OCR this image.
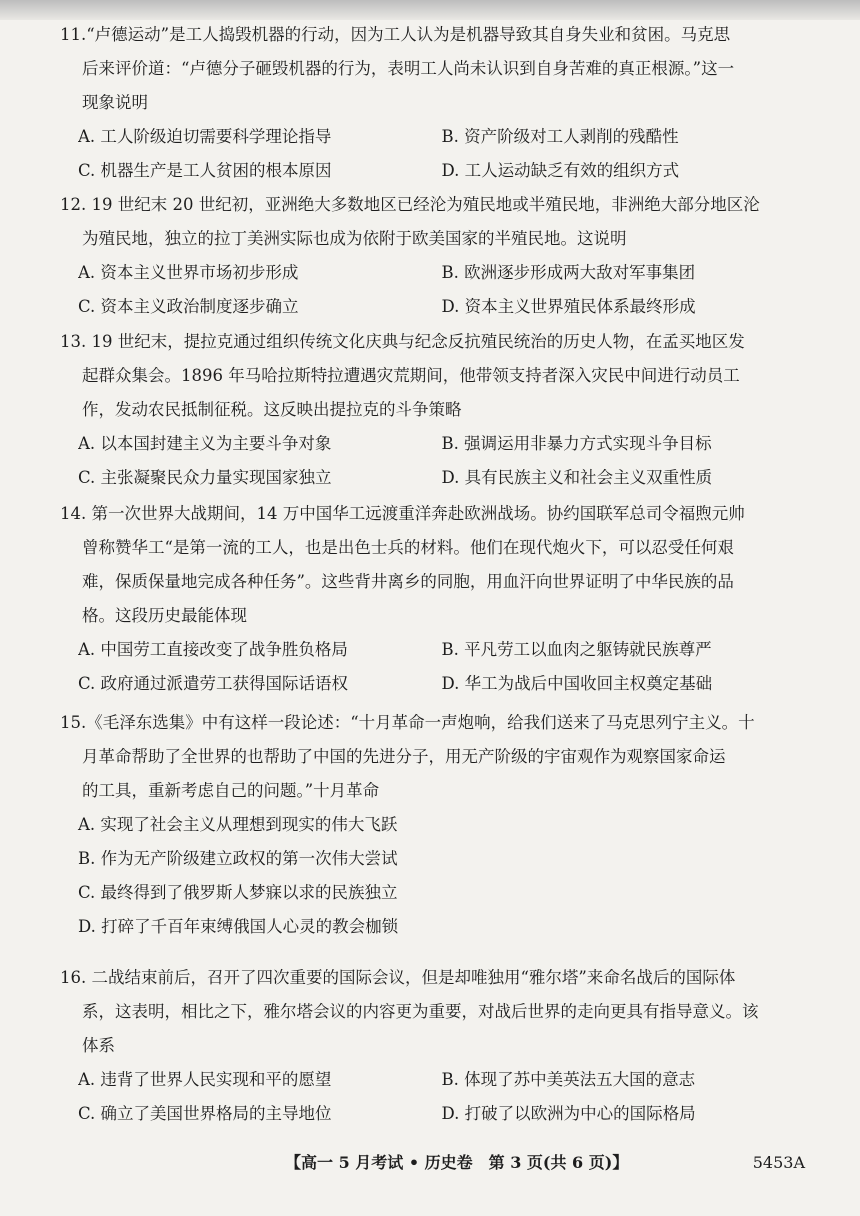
11.“卢德运动”是工人捣毁机器的行动，因为工人认为是机器导致其自身失业和贫困。马克思
后来评价道：“卢德分子砸毁机器的行为，表明工人尚未认识到自身苦难的真正根源。”这一
现象说明
A. 工人阶级迫切需要科学理论指导	B. 资产阶级对工人剥削的残酷性
C. 机器生产是工人贫困的根本原因	D. 工人运动缺乏有效的组织方式
12. 19 世纪末 20 世纪初，亚洲绝大多数地区已经沦为殖民地或半殖民地，非洲绝大部分地区沦
为殖民地，独立的拉丁美洲实际也成为依附于欧美国家的半殖民地。这说明
A. 资本主义世界市场初步形成	B. 欧洲逐步形成两大敌对军事集团
C. 资本主义政治制度逐步确立	D. 资本主义世界殖民体系最终形成
13. 19 世纪末，提拉克通过组织传统文化庆典与纪念反抗殖民统治的历史人物，在孟买地区发
起群众集会。1896 年马哈拉斯特拉遭遇灾荒期间，他带领支持者深入灾民中间进行动员工
作，发动农民抵制征税。这反映出提拉克的斗争策略
A. 以本国封建主义为主要斗争对象	B. 强调运用非暴力方式实现斗争目标
C. 主张凝聚民众力量实现国家独立	D. 具有民族主义和社会主义双重性质
14. 第一次世界大战期间，14 万中国华工远渡重洋奔赴欧洲战场。协约国联军总司令福煦元帅
曾称赞华工“是第一流的工人，也是出色士兵的材料。他们在现代炮火下，可以忍受任何艰
难，保质保量地完成各种任务”。这些背井离乡的同胞，用血汗向世界证明了中华民族的品
格。这段历史最能体现
A. 中国劳工直接改变了战争胜负格局	B. 平凡劳工以血肉之躯铸就民族尊严
C. 政府通过派遣劳工获得国际话语权	D. 华工为战后中国收回主权奠定基础
15.《毛泽东选集》中有这样一段论述：“十月革命一声炮响，给我们送来了马克思列宁主义。十
月革命帮助了全世界的也帮助了中国的先进分子，用无产阶级的宇宙观作为观察国家命运
的工具，重新考虑自己的问题。”十月革命
A. 实现了社会主义从理想到现实的伟大飞跃
B. 作为无产阶级建立政权的第一次伟大尝试
C. 最终得到了俄罗斯人梦寐以求的民族独立
D. 打碎了千百年束缚俄国人心灵的教会枷锁
16. 二战结束前后，召开了四次重要的国际会议，但是却唯独用“雅尔塔”来命名战后的国际体
系，这表明，相比之下，雅尔塔会议的内容更为重要，对战后世界的走向更具有指导意义。该
体系
A. 违背了世界人民实现和平的愿望	B. 体现了苏中美英法五大国的意志
C. 确立了美国世界格局的主导地位	D. 打破了以欧洲为中心的国际格局
【高一 5 月考试 • 历史卷　第 3 页(共 6 页)】	5453A
